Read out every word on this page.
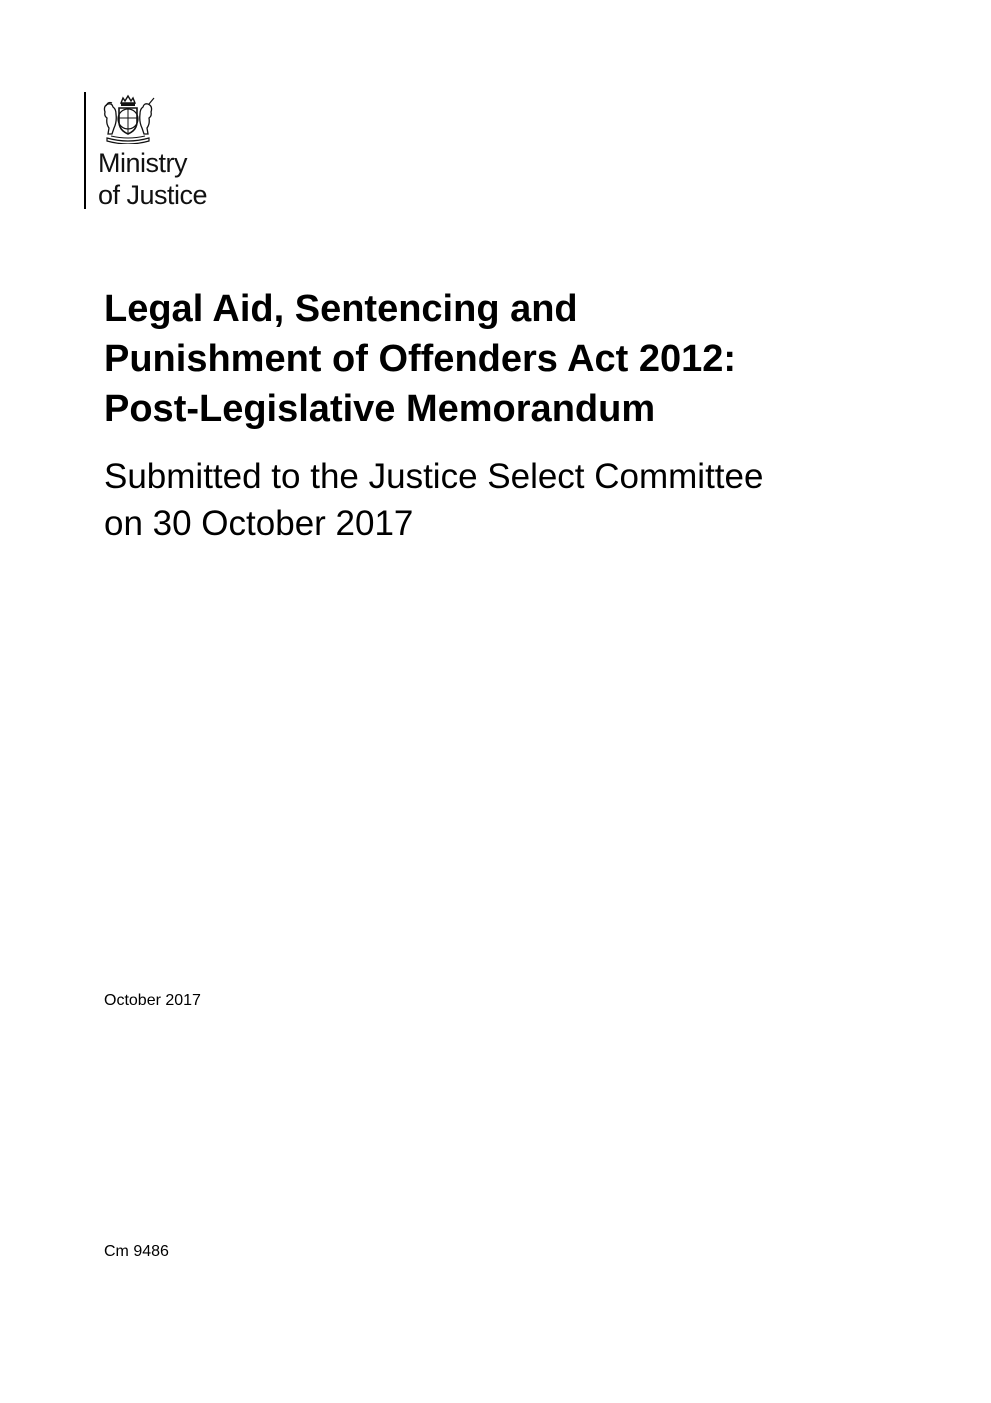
Ministry
of Justice
Legal Aid, Sentencing and
Punishment of Offenders Act 2012:
Post-Legislative Memorandum
Submitted to the Justice Select Committee
on 30 October 2017
October 2017
Cm 9486
